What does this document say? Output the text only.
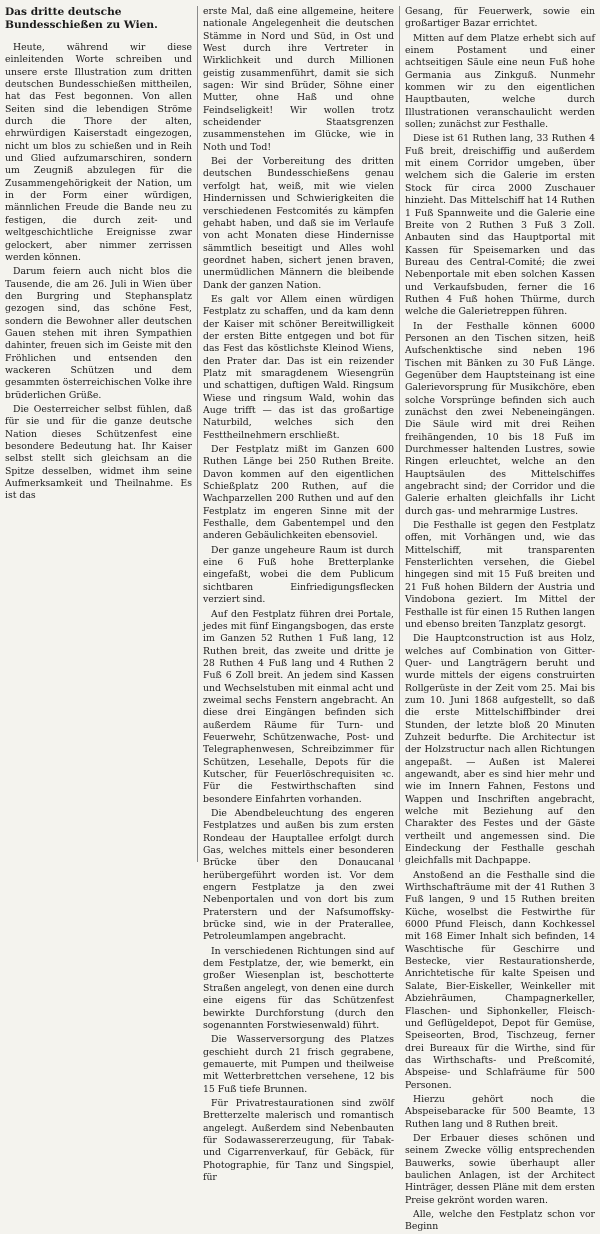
Das dritte deutsche Bundesschießen zu Wien.

Heute, während wir diese einleitenden Worte schreiben und unsere erste Illustration zum dritten deutschen Bundesschießen mittheilen, hat das Fest begonnen. Von allen Seiten sind die lebendigen Ströme durch die Thore der alten, ehrwürdigen Kaiserstadt eingezogen, nicht um blos zu schießen und in Reih und Glied aufzumarschiren, sondern um Zeugniß abzulegen für die Zusammengehörigkeit der Nation, um in der Form einer würdigen, männlichen Freude die Bande neu zu festigen, die durch zeit- und weltgeschichtliche Ereignisse zwar gelockert, aber nimmer zerrissen werden können.

Darum feiern auch nicht blos die Tausende, die am 26. Juli in Wien über den Burgring und Stephansplatz gezogen sind, das schöne Fest, sondern die Bewohner aller deutschen Gauen stehen mit ihren Sympathien dahinter, freuen sich im Geiste mit den Fröhlichen und entsenden den wackeren Schützen und dem gesammten österreichischen Volke ihre brüderlichen Grüße.

Die Oesterreicher selbst fühlen, daß für sie und für die ganze deutsche Nation dieses Schützenfest eine besondere Bedeutung hat. Ihr Kaiser selbst stellt sich gleichsam an die Spitze desselben, widmet ihm seine Aufmerksamkeit und Theilnahme. Es ist das

erste Mal, daß eine allgemeine, heitere nationale Angelegenheit die deutschen Stämme in Nord und Süd, in Ost und West durch ihre Vertreter in Wirklichkeit und durch Millionen geistig zusammenführt, damit sie sich sagen: Wir sind Brüder, Söhne einer Mutter, ohne Haß und ohne Feindseligkeit! Wir wollen trotz scheidender Staatsgrenzen zusammenstehen im Glücke, wie in Noth und Tod!

Bei der Vorbereitung des dritten deutschen Bundesschießens genau verfolgt hat, weiß, mit wie vielen Hindernissen und Schwierigkeiten die verschiedenen Festcomités zu kämpfen gehabt haben, und daß sie im Verlaufe von acht Monaten diese Hindernisse sämmtlich beseitigt und Alles wohl geordnet haben, sichert jenen braven, unermüdlichen Männern die bleibende Dank der ganzen Nation.

Es galt vor Allem einen würdigen Festplatz zu schaffen, und da kam denn der Kaiser mit schöner Bereitwilligkeit der ersten Bitte entgegen und bot für das Fest das köstlichste Kleinod Wiens, den Prater dar. Das ist ein reizender Platz mit smaragdenem Wiesengrün und schattigen, duftigen Wald. Ringsum Wiese und ringsum Wald, wohin das Auge trifft — das ist das großartige Naturbild, welches sich den Festtheilnehmern erschließt.

Der Festplatz mißt im Ganzen 600 Ruthen Länge bei 250 Ruthen Breite. Davon kommen auf den eigentlichen Schießplatz 200 Ruthen, auf die Wachparzellen 200 Ruthen und auf den Festplatz im engeren Sinne mit der Festhalle, dem Gabentempel und den anderen Gebäulichkeiten ebensoviel.

Der ganze ungeheure Raum ist durch eine 6 Fuß hohe Bretterplanke eingefaßt, wobei die dem Publicum sichtbaren Einfriedigungsflecken verziert sind.

Auf den Festplatz führen drei Portale, jedes mit fünf Eingangsbogen, das erste im Ganzen 52 Ruthen 1 Fuß lang, 12 Ruthen breit, das zweite und dritte je 28 Ruthen 4 Fuß lang und 4 Ruthen 2 Fuß 6 Zoll breit. An jedem sind Kassen und Wechselstuben mit einmal acht und zweimal sechs Fenstern angebracht. An diese drei Eingängen befinden sich außerdem Räume für Turn- und Feuerwehr, Schützenwache, Post- und Telegraphenwesen, Schreibzimmer für Schützen, Lesehalle, Depots für die Kutscher, für Feuerlöschrequisiten ꝛc. Für die Festwirthschaften sind besondere Einfahrten vorhanden.

Die Abendbeleuchtung des engeren Festplatzes und außen bis zum ersten Rondeau der Hauptallee erfolgt durch Gas, welches mittels einer besonderen Brücke über den Donaucanal herübergeführt worden ist. Vor dem engern Festplatze ja den zwei Nebenportalen und von dort bis zum Praterstern und der Nafsumoffsky-brücke sind, wie in der Praterallee, Petroleumlampen angebracht.

In verschiedenen Richtungen sind auf dem Festplatze, der, wie bemerkt, ein großer Wiesenplan ist, beschotterte Straßen angelegt, von denen eine durch eine eigens für das Schützenfest bewirkte Durchforstung (durch den sogenannten Forstwiesenwald) führt.

Die Wasserversorgung des Platzes geschieht durch 21 frisch gegrabene, gemauerte, mit Pumpen und theilweise mit Wetterbrettchen versehene, 12 bis 15 Fuß tiefe Brunnen.

Für Privatrestaurationen sind zwölf Bretterzelte malerisch und romantisch angelegt. Außerdem sind Nebenbauten für Sodawassererzeugung, für Tabak- und Cigarrenverkauf, für Gebäck, für Photographie, für Tanz und Singspiel, für

Gesang, für Feuerwerk, sowie ein großartiger Bazar errichtet.

Mitten auf dem Platze erhebt sich auf einem Postament und einer achtseitigen Säule eine neun Fuß hohe Germania aus Zinkguß. Nunmehr kommen wir zu den eigentlichen Hauptbauten, welche durch Illustrationen veranschaulicht werden sollen; zunächst zur Festhalle.

Diese ist 61 Ruthen lang, 33 Ruthen 4 Fuß breit, dreischiffig und außerdem mit einem Corridor umgeben, über welchem sich die Galerie im ersten Stock für circa 2000 Zuschauer hinzieht. Das Mittelschiff hat 14 Ruthen 1 Fuß Spannweite und die Galerie eine Breite von 2 Ruthen 3 Fuß 3 Zoll. Anbauten sind das Hauptportal mit Kassen für Speisemarken und das Bureau des Central-Comité; die zwei Nebenportale mit eben solchen Kassen und Verkaufsbuden, ferner die 16 Ruthen 4 Fuß hohen Thürme, durch welche die Galerietreppen führen.

In der Festhalle können 6000 Personen an den Tischen sitzen, heiß Aufschenktische sind neben 196 Tischen mit Bänken zu 30 Fuß Länge. Gegenüber dem Hauptsteinang ist eine Galerievorsprung für Musikchöre, eben solche Vorsprünge befinden sich auch zunächst den zwei Nebeneingängen. Die Säule wird mit drei Reihen freihängenden, 10 bis 18 Fuß im Durchmesser haltenden Lustres, sowie Ringen erleuchtet, welche an den Hauptsäulen des Mittelschiffes angebracht sind; der Corridor und die Galerie erhalten gleichfalls ihr Licht durch gas- und mehrarmige Lustres.

Die Festhalle ist gegen den Festplatz offen, mit Vorhängen und, wie das Mittelschiff, mit transparenten Fensterlichten versehen, die Giebel hingegen sind mit 15 Fuß breiten und 21 Fuß hohen Bildern der Austria und Vindobona geziert. Im Mittel der Festhalle ist für einen 15 Ruthen langen und ebenso breiten Tanzplatz gesorgt.

Die Hauptconstruction ist aus Holz, welches auf Combination von Gitter-Quer- und Langträgern beruht und wurde mittels der eigens construirten Rollgerüste in der Zeit vom 25. Mai bis zum 10. Juni 1868 aufgestellt, so daß die erste Mittelschiffbinder drei Stunden, der letzte bloß 20 Minuten Zuhzeit bedurfte. Die Architectur ist der Holzstructur nach allen Richtungen angepaßt. — Außen ist Malerei angewandt, aber es sind hier mehr und wie im Innern Fahnen, Festons und Wappen und Inschriften angebracht, welche mit Beziehung auf den Charakter des Festes und der Gäste vertheilt und angemessen sind. Die Eindeckung der Festhalle geschah gleichfalls mit Dachpappe.

Anstoßend an die Festhalle sind die Wirthschafträume mit der 41 Ruthen 3 Fuß langen, 9 und 15 Ruthen breiten Küche, woselbst die Festwirthe für 6000 Pfund Fleisch, dann Kochkessel mit 168 Eimer Inhalt sich befinden, 14 Waschtische für Geschirre und Bestecke, vier Restaurationsherde, Anrichtetische für kalte Speisen und Salate, Bier-Eiskeller, Weinkeller mit Abziehräumen, Champagnerkeller, Flaschen- und Siphonkeller, Fleisch- und Geflügeldepot, Depot für Gemüse, Speiseorten, Brod, Tischzeug, ferner drei Bureaux für die Wirthe, sind für das Wirthschafts- und Preßcomité, Abspeise- und Schlafräume für 500 Personen.

Hierzu gehört noch die Abspeisebaracke für 500 Beamte, 13 Ruthen lang und 8 Ruthen breit.

Der Erbauer dieses schönen und seinem Zwecke völlig entsprechenden Bauwerks, sowie überhaupt aller baulichen Anlagen, ist der Architect Hinträger, dessen Pläne mit dem ersten Preise gekrönt worden waren.

Alle, welche den Festplatz schon vor Beginn
